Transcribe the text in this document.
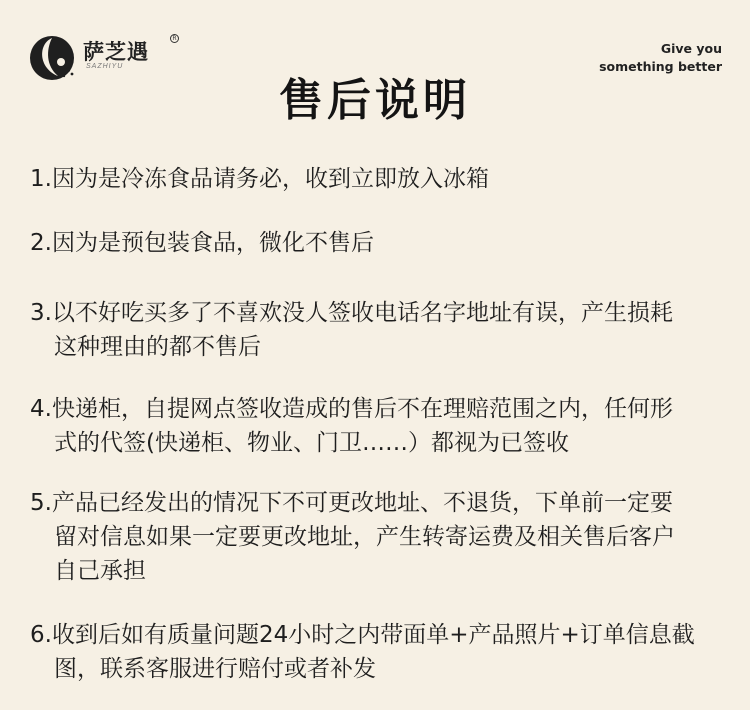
萨芝遇
R
SAZHIYU
Give you
something better
售后说明
1.因为是冷冻食品请务必，收到立即放入冰箱
2.因为是预包装食品，微化不售后
3.以不好吃买多了不喜欢没人签收电话名字地址有误，产生损耗
这种理由的都不售后
4.快递柜，自提网点签收造成的售后不在理赔范围之内，任何形
式的代签(快递柜、物业、门卫……）都视为已签收
5.产品已经发出的情况下不可更改地址、不退货，下单前一定要
留对信息如果一定要更改地址，产生转寄运费及相关售后客户
自己承担
6.收到后如有质量问题24小时之内带面单+产品照片+订单信息截
图，联系客服进行赔付或者补发
